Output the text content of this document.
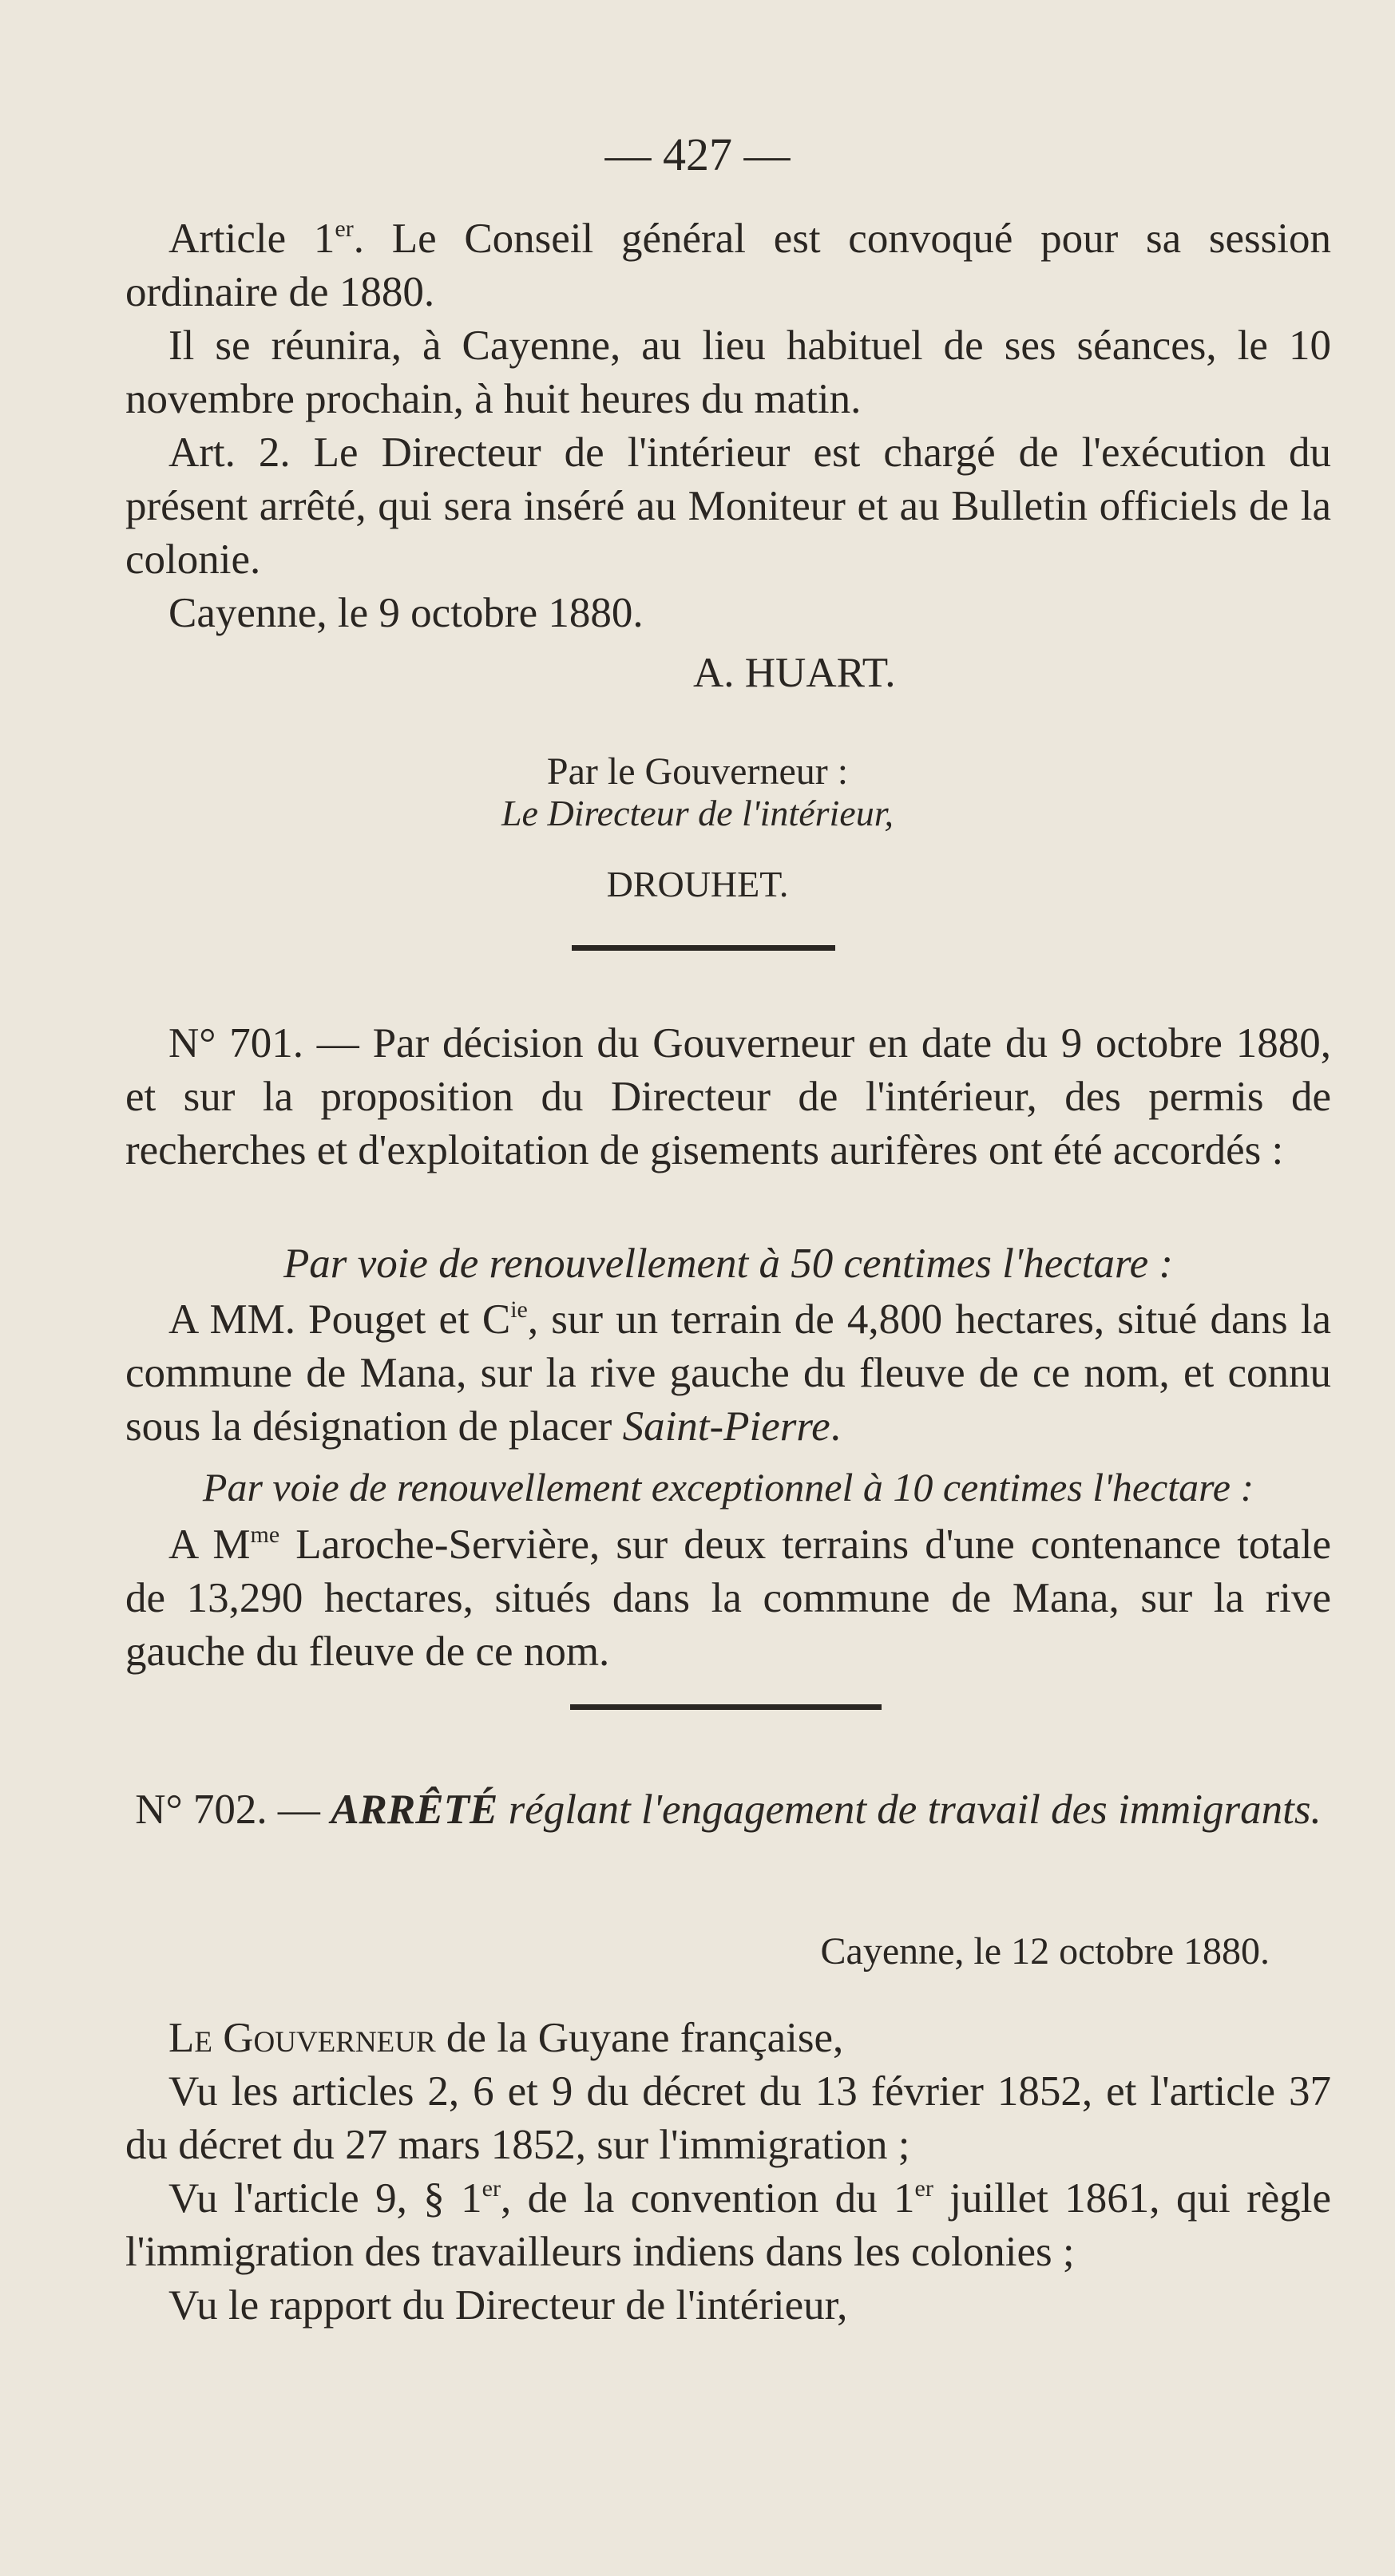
— 427 —

Article 1er. Le Conseil général est convoqué pour sa session ordinaire de 1880.

Il se réunira, à Cayenne, au lieu habituel de ses séances, le 10 novembre prochain, à huit heures du matin.

Art. 2. Le Directeur de l'intérieur est chargé de l'exécution du présent arrêté, qui sera inséré au Moniteur et au Bulletin officiels de la colonie.

Cayenne, le 9 octobre 1880.

A. HUART.
Par le Gouverneur :
Le Directeur de l'intérieur,
DROUHET.

N° 701. — Par décision du Gouverneur en date du 9 octobre 1880, et sur la proposition du Directeur de l'intérieur, des permis de recherches et d'exploitation de gisements aurifères ont été accordés :

Par voie de renouvellement à 50 centimes l'hectare :

A MM. Pouget et $C^{ie}$, sur un terrain de 4,800 hectares, situé dans la commune de Mana, sur la rive gauche du fleuve de ce nom, et connu sous la désignation de placer Saint-Pierre.

Par voie de renouvellement exceptionnel à 10 centimes l'hectare :

A $M^{me}$ Laroche-Servière, sur deux terrains d'une contenance totale de 13,290 hectares, situés dans la commune de Mana, sur la rive gauche du fleuve de ce nom.

N° 702. — ARRÊTÉ réglant l'engagement de travail des immigrants.
Cayenne, le 12 octobre 1880.

Le Gouverneur de la Guyane française,

Vu les articles 2, 6 et 9 du décret du 13 février 1852, et l'article 37 du décret du 27 mars 1852, sur l'immigration ;

Vu l'article 9, § 1er, de la convention du 1er juillet 1861, qui règle l'immigration des travailleurs indiens dans les colonies ;

Vu le rapport du Directeur de l'intérieur,
